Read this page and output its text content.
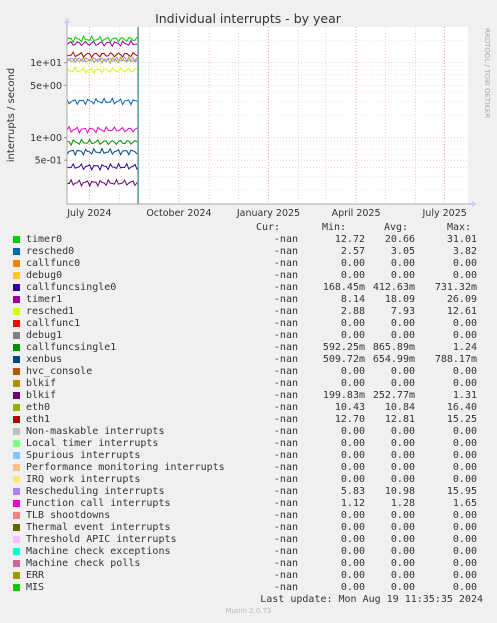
July 2024	October 2024	January 2025	April 2025	July 2025
1e+01
5e+00
1e+00
5e-01
Individual interrupts - by year
interrupts / second	RRDTOOL / TOBI OETIKER
Cur:	Min:	Avg:	Max:
timer0	-nan	12.72	20.66	31.01
resched0	-nan	2.57	3.05	3.82
callfunc0	-nan	0.00	0.00	0.00
debug0	-nan	0.00	0.00	0.00
callfuncsingle0	-nan	168.45m 412.63m	731.32m
timer1	-nan	8.14	18.09	26.09
resched1	-nan	2.88	7.93	12.61
callfunc1	-nan	0.00	0.00	0.00
debug1	-nan	0.00	0.00	0.00
callfuncsingle1	-nan	592.25m 865.89m	1.24
xenbus	-nan	509.72m 654.99m	788.17m
hvc_console	-nan	0.00	0.00	0.00
blkif	-nan	0.00	0.00	0.00
blkif	-nan	199.83m 252.77m	1.31
eth0	-nan	10.43	10.84	16.40
eth1	-nan	12.70	12.81	15.25
Non-maskable interrupts	-nan	0.00	0.00	0.00
Local timer interrupts	-nan	0.00	0.00	0.00
Spurious interrupts	-nan	0.00	0.00	0.00
Performance monitoring interrupts	-nan	0.00	0.00	0.00
IRQ work interrupts	-nan	0.00	0.00	0.00
Rescheduling interrupts	-nan	5.83	10.98	15.95
Function call interrupts	-nan	1.12	1.28	1.65
TLB shootdowns	-nan	0.00	0.00	0.00
Thermal event interrupts	-nan	0.00	0.00	0.00
Threshold APIC interrupts	-nan	0.00	0.00	0.00
Machine check exceptions	-nan	0.00	0.00	0.00
Machine check polls	-nan	0.00	0.00	0.00
ERR	-nan	0.00	0.00	0.00
MIS	-nan	0.00	0.00	0.00
Last update: Mon Aug 19 11:35:35 2024
Munin 2.0.73
